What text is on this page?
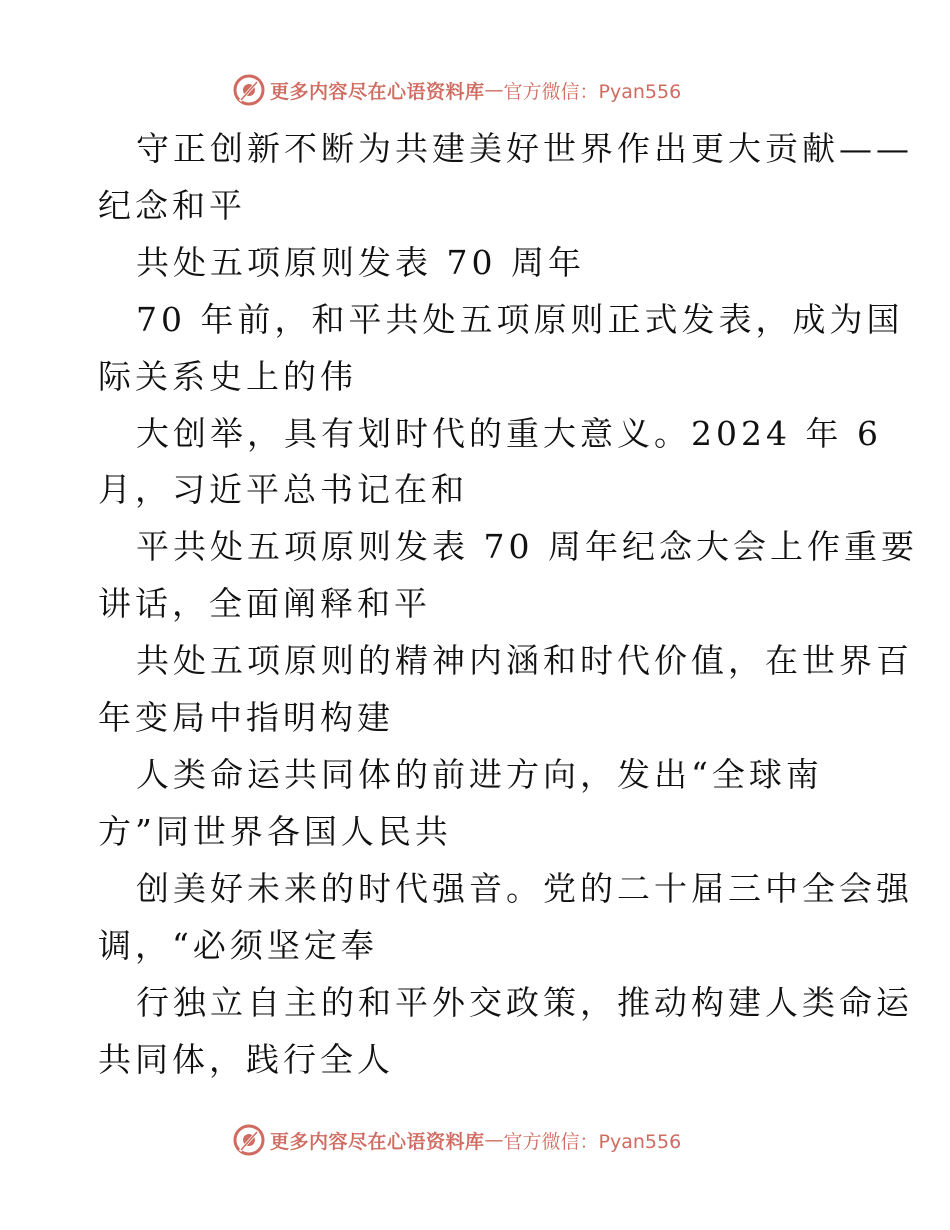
更多内容尽在心语资料库 — 官方微信：Pyan556

守正创新不断为共建美好世界作出更大贡献——

纪念和平

共处五项原则发表 70 周年

70 年前，和平共处五项原则正式发表，成为国

际关系史上的伟

大创举，具有划时代的重大意义。2024 年 6

月，习近平总书记在和

平共处五项原则发表 70 周年纪念大会上作重要

讲话，全面阐释和平

共处五项原则的精神内涵和时代价值，在世界百

年变局中指明构建

人类命运共同体的前进方向，发出“全球南

方”同世界各国人民共

创美好未来的时代强音。党的二十届三中全会强

调，“必须坚定奉

行独立自主的和平外交政策，推动构建人类命运

共同体，践行全人

更多内容尽在心语资料库 — 官方微信：Pyan556
